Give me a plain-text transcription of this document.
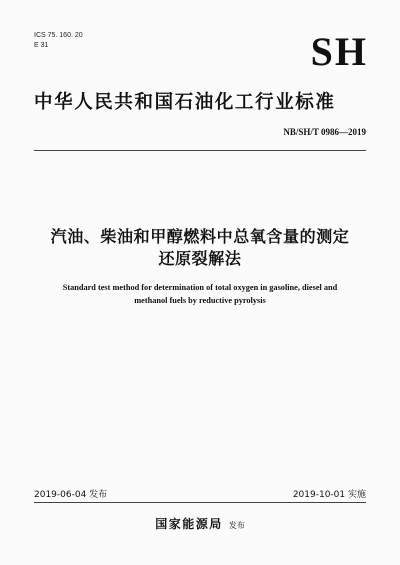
ICS 75. 160. 20
E 31	SH
中华人民共和国石油化工行业标准
NB/SH/T 0986—2019
汽油、柴油和甲醇燃料中总氧含量的测定
还原裂解法
Standard test method for determination of total oxygen in gasoline, diesel and
methanol fuels by reductive pyrolysis
2019-06-04 发布	2019-10-01 实施
国家能源局 发布
